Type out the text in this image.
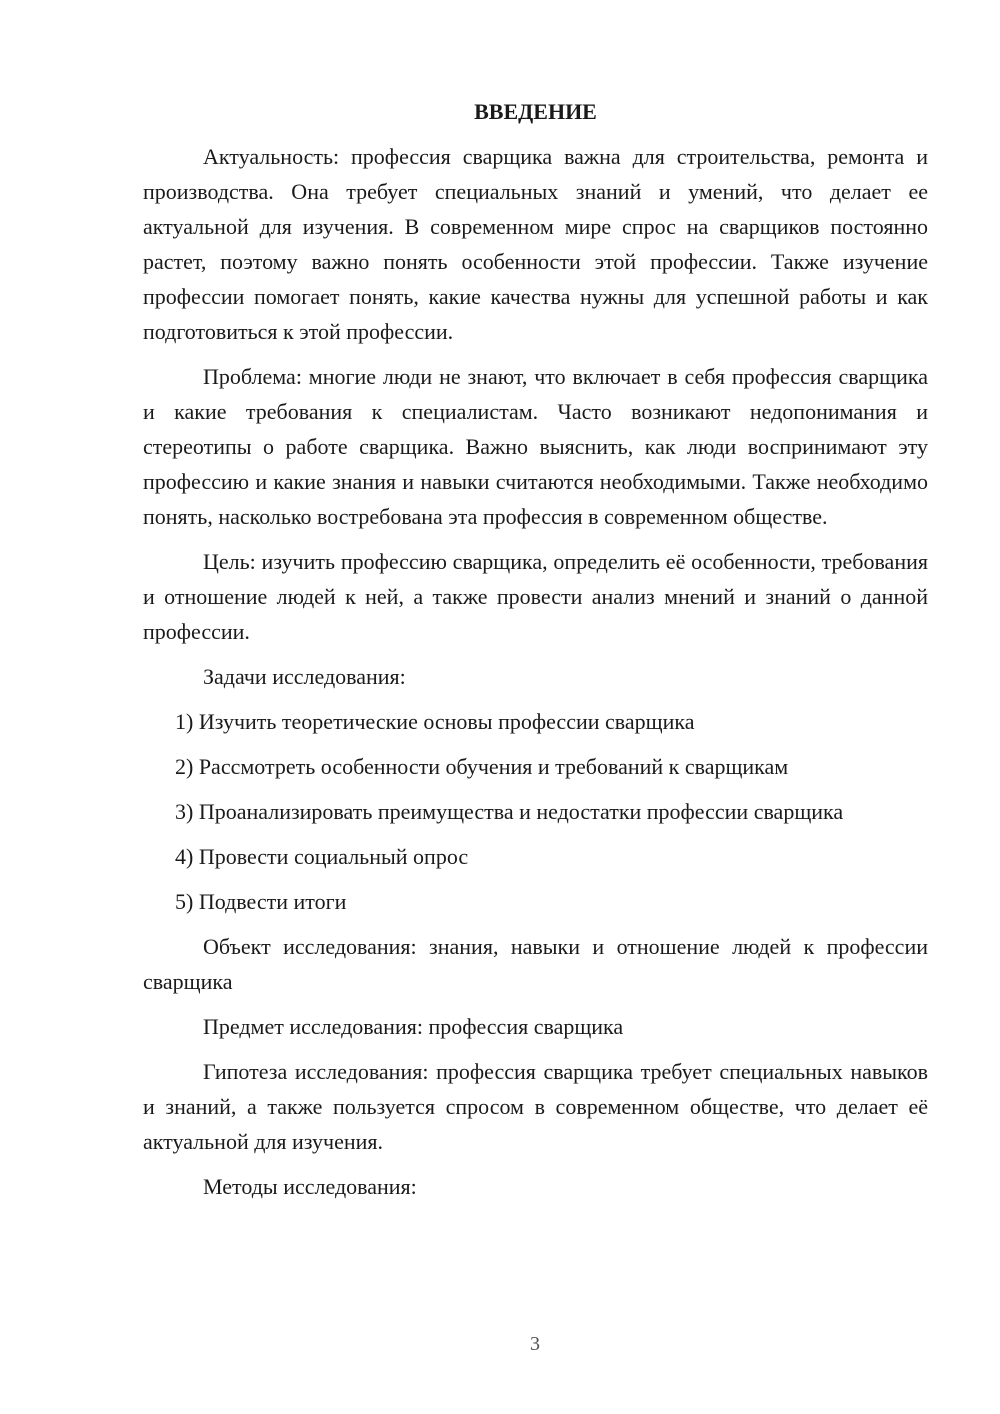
ВВЕДЕНИЕ

Актуальность: профессия сварщика важна для строительства, ремонта и производства. Она требует специальных знаний и умений, что делает ее актуальной для изучения. В современном мире спрос на сварщиков постоянно растет, поэтому важно понять особенности этой профессии. Также изучение профессии помогает понять, какие качества нужны для успешной работы и как подготовиться к этой профессии.

Проблема: многие люди не знают, что включает в себя профессия сварщика и какие требования к специалистам. Часто возникают недопонимания и стереотипы о работе сварщика. Важно выяснить, как люди воспринимают эту профессию и какие знания и навыки считаются необходимыми. Также необходимо понять, насколько востребована эта профессия в современном обществе.

Цель: изучить профессию сварщика, определить её особенности, требования и отношение людей к ней, а также провести анализ мнений и знаний о данной профессии.

Задачи исследования:

1) Изучить теоретические основы профессии сварщика

2) Рассмотреть особенности обучения и требований к сварщикам

3) Проанализировать преимущества и недостатки профессии сварщика

4) Провести социальный опрос

5) Подвести итоги

Объект исследования: знания, навыки и отношение людей к профессии сварщика

Предмет исследования: профессия сварщика

Гипотеза исследования: профессия сварщика требует специальных навыков и знаний, а также пользуется спросом в современном обществе, что делает её актуальной для изучения.

Методы исследования:

3
